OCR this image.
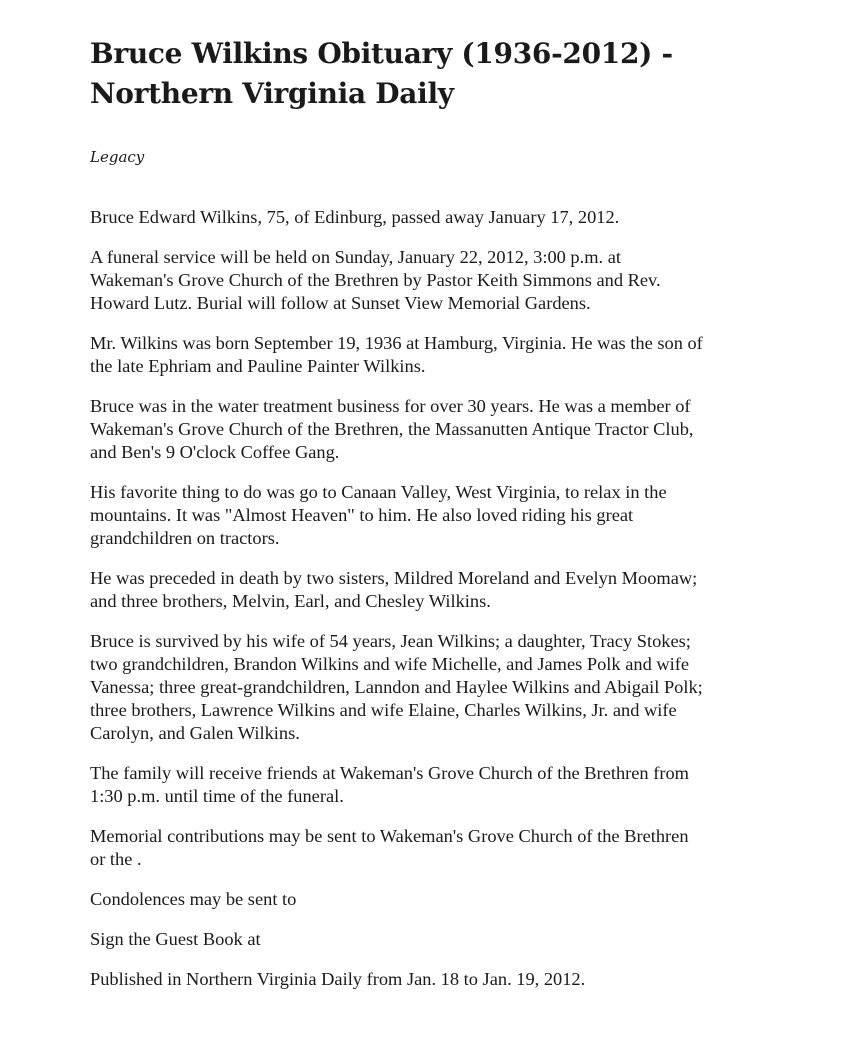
Bruce Wilkins Obituary (1936-2012) -
Northern Virginia Daily

Legacy

Bruce Edward Wilkins, 75, of Edinburg, passed away January 17, 2012.

A funeral service will be held on Sunday, January 22, 2012, 3:00 p.m. at
Wakeman's Grove Church of the Brethren by Pastor Keith Simmons and Rev.
Howard Lutz. Burial will follow at Sunset View Memorial Gardens.

Mr. Wilkins was born September 19, 1936 at Hamburg, Virginia. He was the son of
the late Ephriam and Pauline Painter Wilkins.

Bruce was in the water treatment business for over 30 years. He was a member of
Wakeman's Grove Church of the Brethren, the Massanutten Antique Tractor Club,
and Ben's 9 O'clock Coffee Gang.

His favorite thing to do was go to Canaan Valley, West Virginia, to relax in the
mountains. It was "Almost Heaven" to him. He also loved riding his great
grandchildren on tractors.

He was preceded in death by two sisters, Mildred Moreland and Evelyn Moomaw;
and three brothers, Melvin, Earl, and Chesley Wilkins.

Bruce is survived by his wife of 54 years, Jean Wilkins; a daughter, Tracy Stokes;
two grandchildren, Brandon Wilkins and wife Michelle, and James Polk and wife
Vanessa; three great-grandchildren, Lanndon and Haylee Wilkins and Abigail Polk;
three brothers, Lawrence Wilkins and wife Elaine, Charles Wilkins, Jr. and wife
Carolyn, and Galen Wilkins.

The family will receive friends at Wakeman's Grove Church of the Brethren from
1:30 p.m. until time of the funeral.

Memorial contributions may be sent to Wakeman's Grove Church of the Brethren
or the .

Condolences may be sent to

Sign the Guest Book at

Published in Northern Virginia Daily from Jan. 18 to Jan. 19, 2012.
